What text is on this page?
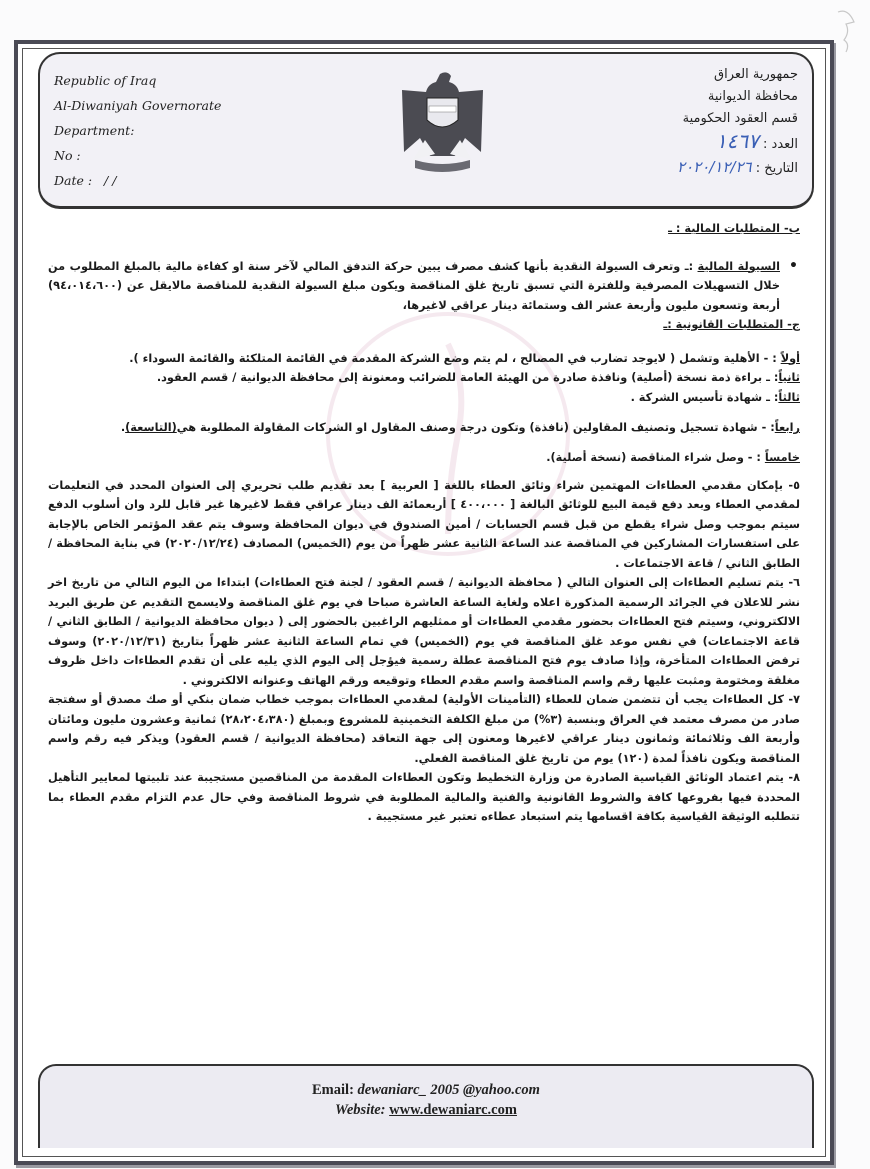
Republic of Iraq
Al-Diwaniyah Governorate
Department:
No :
Date : / /
جمهورية العراق
محافظة الديوانية
قسم العقود الحكومية
العدد : ١٤٦٧
التاريخ : ٢٠٢٠/١٢/٢٦

ب- المتطلبات المالية : ـ

• السيولة المالية :ـ وتعرف السيولة النقدية بأنها كشف مصرف يبين حركة التدفق المالي لآخر سنة او كفاءة مالية بالمبلغ المطلوب من خلال التسهيلات المصرفية وللفترة التي تسبق تاريخ غلق المناقصة ويكون مبلغ السيولة النقدية للمناقصة مالايقل عن (٩٤،٠١٤،٦٠٠) أربعة وتسعون مليون وأربعة عشر الف وستمائة دينار عراقي لاغيرها،

ج- المتطلبات القانونية :ـ

أولاً : - الأهلية وتشمل ( لايوجد تضارب في المصالح ، لم يتم وضع الشركة المقدمة في القائمة المتلكئة والقائمة السوداء ).

ثانياً: ـ براءة ذمة نسخة (أصلية) ونافذة صادرة من الهيئة العامة للضرائب ومعنونة إلى محافظة الديوانية / قسم العقود.

ثالثاً: ـ شهادة تأسيس الشركة .

رابعاً: - شهادة تسجيل وتصنيف المقاولين (نافذة) وتكون درجة وصنف المقاول او الشركات المقاولة المطلوبة هي(التاسعة).

خامساً : - وصل شراء المناقصة (نسخة أصلية).

٥- بإمكان مقدمي العطاءات المهتمين شراء وثائق العطاء باللغة [ العربية ] بعد تقديم طلب تحريري إلى العنوان المحدد في التعليمات لمقدمي العطاء وبعد دفع قيمة البيع للوثائق البالغة [ ٤٠٠،٠٠٠ ] أربعمائة الف دينار عراقي فقط لاغيرها غير قابل للرد وان أسلوب الدفع سيتم بموجب وصل شراء يقطع من قبل قسم الحسابات / أمين الصندوق في ديوان المحافظة وسوف يتم عقد المؤتمر الخاص بالإجابة على استفسارات المشاركين في المناقصة عند الساعة الثانية عشر ظهراً من يوم (الخميس) المصادف (٢٠٢٠/١٢/٢٤) في بناية المحافظة / الطابق الثاني / قاعة الاجتماعات .

٦- يتم تسليم العطاءات إلى العنوان التالي ( محافظة الديوانية / قسم العقود / لجنة فتح العطاءات) ابتداءا من اليوم التالي من تاريخ اخر نشر للاعلان في الجرائد الرسمية المذكورة اعلاه ولغاية الساعة العاشرة صباحا في يوم غلق المناقصة ولايسمح التقديم عن طريق البريد الالكتروني، وسيتم فتح العطاءات بحضور مقدمي العطاءات أو ممثليهم الراغبين بالحضور إلى ( ديوان محافظة الديوانية / الطابق الثاني / قاعة الاجتماعات) في نفس موعد غلق المناقصة في يوم (الخميس) في تمام الساعة الثانية عشر ظهراً بتاريخ (٢٠٢٠/١٢/٣١) وسوف ترفض العطاءات المتأخرة، وإذا صادف يوم فتح المناقصة عطلة رسمية فيؤجل إلى اليوم الذي يليه على أن تقدم العطاءات داخل ظروف مغلقة ومختومة ومثبت عليها رقم واسم المناقصة واسم مقدم العطاء وتوقيعه ورقم الهاتف وعنوانه الالكتروني .

٧- كل العطاءات يجب أن تتضمن ضمان للعطاء (التأمينات الأولية) لمقدمي العطاءات بموجب خطاب ضمان بنكي أو صك مصدق أو سفتجة صادر من مصرف معتمد في العراق وبنسبة (٣%) من مبلغ الكلفة التخمينية للمشروع وبمبلغ (٢٨،٢٠٤،٣٨٠) ثمانية وعشرون مليون ومائتان وأربعة الف وثلاثمائة وثمانون دينار عراقي لاغيرها ومعنون إلى جهة التعاقد (محافظة الديوانية / قسم العقود) ويذكر فيه رقم واسم المناقصة ويكون نافذاً لمدة (١٢٠) يوم من تاريخ غلق المناقصة الفعلي.

٨- يتم اعتماد الوثائق القياسية الصادرة من وزارة التخطيط وتكون العطاءات المقدمة من المناقصين مستجيبة عند تلبيتها لمعايير التأهيل المحددة فيها بفروعها كافة والشروط القانونية والفنية والمالية المطلوبة في شروط المناقصة وفي حال عدم التزام مقدم العطاء بما تتطلبه الوثيقة القياسية بكافة اقسامها يتم استبعاد عطاءه تعتبر غير مستجيبة .

Email: dewaniarc_ 2005 @yahoo.com
Website: www.dewaniarc.com
